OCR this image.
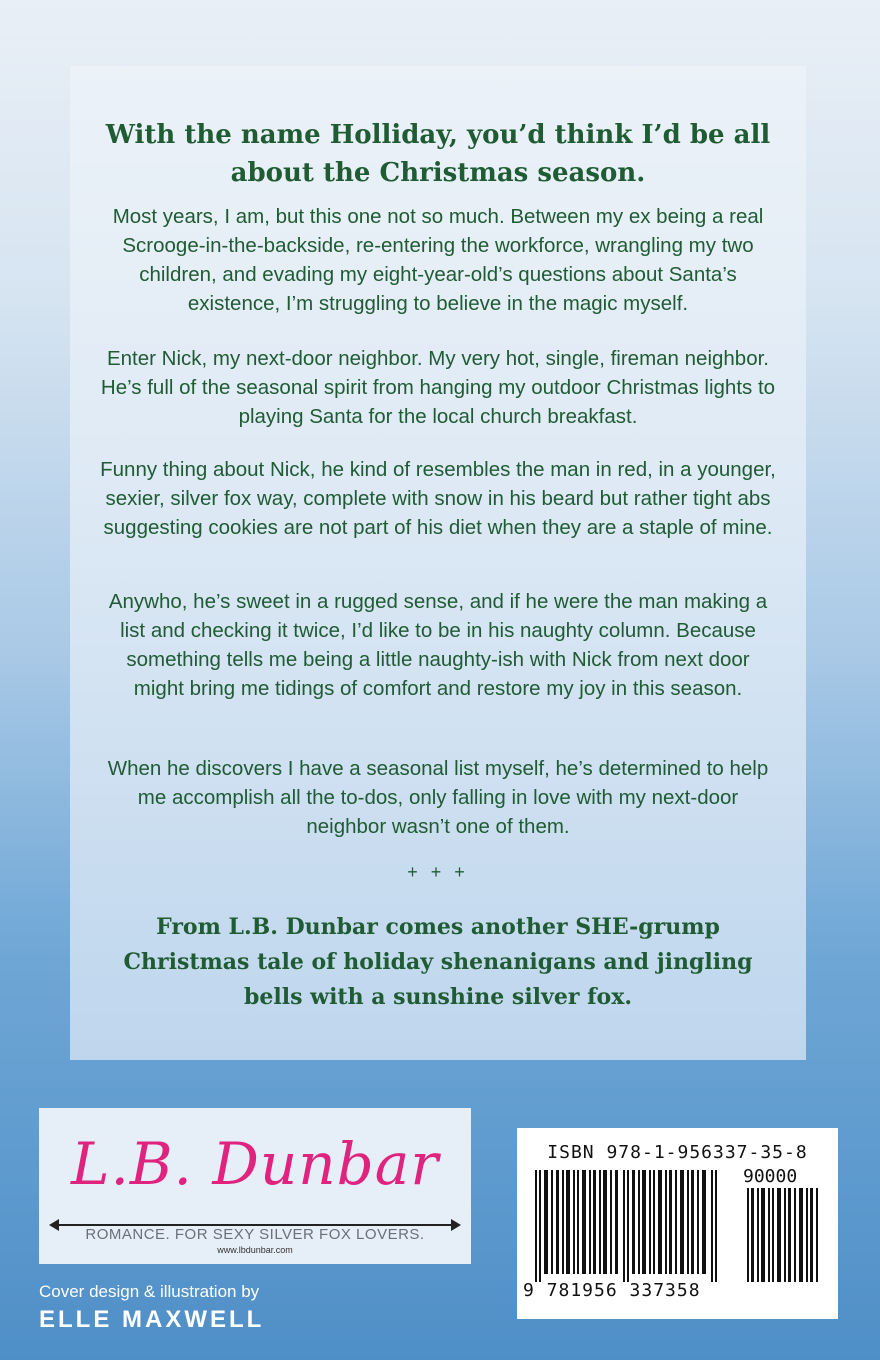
With the name Holliday, you’d think I’d be all about the Christmas season.
Most years, I am, but this one not so much. Between my ex being a real Scrooge-in-the-backside, re-entering the workforce, wrangling my two children, and evading my eight-year-old’s questions about Santa’s existence, I’m struggling to believe in the magic myself.
Enter Nick, my next-door neighbor. My very hot, single, fireman neighbor. He’s full of the seasonal spirit from hanging my outdoor Christmas lights to playing Santa for the local church breakfast.
Funny thing about Nick, he kind of resembles the man in red, in a younger, sexier, silver fox way, complete with snow in his beard but rather tight abs suggesting cookies are not part of his diet when they are a staple of mine.
Anywho, he’s sweet in a rugged sense, and if he were the man making a list and checking it twice, I’d like to be in his naughty column. Because something tells me being a little naughty-ish with Nick from next door might bring me tidings of comfort and restore my joy in this season.
When he discovers I have a seasonal list myself, he’s determined to help me accomplish all the to-dos, only falling in love with my next-door neighbor wasn’t one of them.
+ + +
From L.B. Dunbar comes another SHE-grump Christmas tale of holiday shenanigans and jingling bells with a sunshine silver fox.
L.B. Dunbar
ROMANCE. FOR SEXY SILVER FOX LOVERS.
www.lbdunbar.com
Cover design & illustration by
ELLE MAXWELL
ISBN 978-1-956337-35-8
90000
9 781956 337358
